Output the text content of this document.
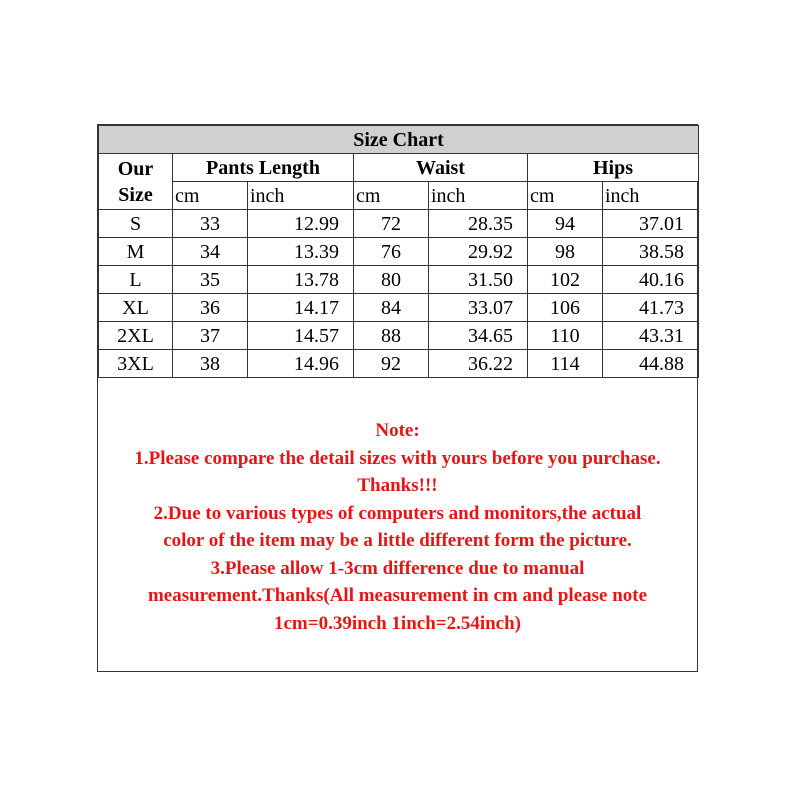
Size Chart						

Our
Size	Pants Length		Waist		Hips	
	cm	inch	cm	inch	cm	inch
S	33	12.99	72	28.35	94	37.01
M	34	13.39	76	29.92	98	38.58
L	35	13.78	80	31.50	102	40.16
XL	36	14.17	84	33.07	106	41.73
2XL	37	14.57	88	34.65	110	43.31
3XL	38	14.96	92	36.22	114	44.88
Note:
1.Please compare the detail sizes with yours before you purchase.
Thanks!!!
2.Due to various types of computers and monitors,the actual
color of the item may be a little different form the picture.
3.Please allow 1-3cm difference due to manual
measurement.Thanks(All measurement in cm and please note
1cm=0.39inch 1inch=2.54inch)
